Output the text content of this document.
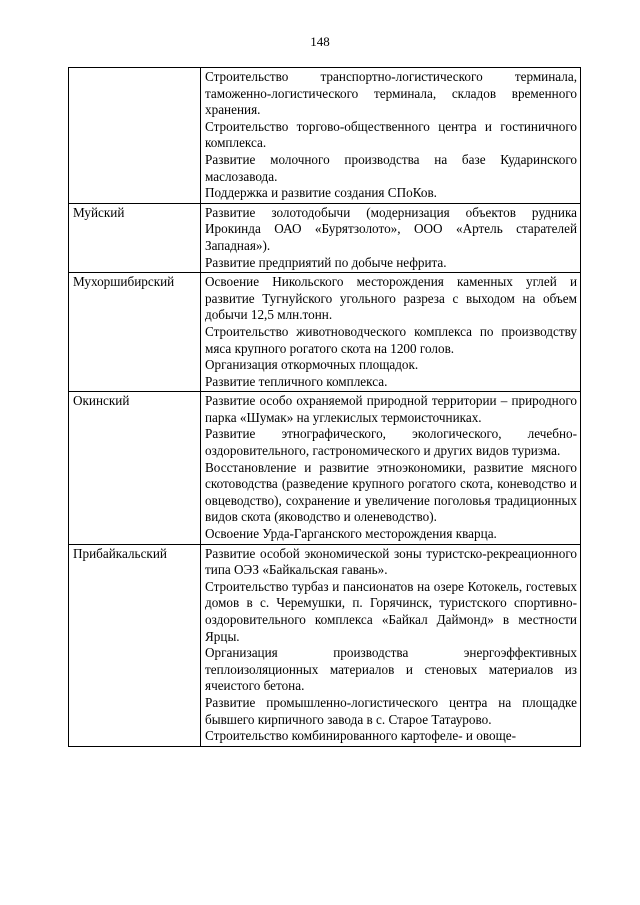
148

	Строительство транспортно-логистического терминала, таможенно-логистического терминала, складов временного хранения.
Строительство торгово-общественного центра и гостиничного комплекса.
Развитие молочного производства на базе Кударинского маслозавода.
Поддержка и развитие создания СПоКов.

Муйский	Развитие золотодобычи (модернизация объектов рудника Ирокинда ОАО «Бурятзолото», ООО «Артель старателей Западная»).
Развитие предприятий по добыче нефрита.

Мухоршибирский	Освоение Никольского месторождения каменных углей и развитие Тугнуйского угольного разреза с выходом на объем добычи 12,5 млн.тонн.
Строительство животноводческого комплекса по производству мяса крупного рогатого скота на 1200 голов.
Организация откормочных площадок.
Развитие тепличного комплекса.

Окинский	Развитие особо охраняемой природной территории – природного парка «Шумак» на углекислых термоисточниках.
Развитие этнографического, экологического, лечебно-оздоровительного, гастрономического и других видов туризма.
Восстановление и развитие этноэкономики, развитие мясного скотоводства (разведение крупного рогатого скота, коневодство и овцеводство), сохранение и увеличение поголовья традиционных видов скота (яководство и оленеводство).
Освоение Урда-Гарганского месторождения кварца.

Прибайкальский	Развитие особой экономической зоны туристско-рекреационного типа ОЭЗ «Байкальская гавань».
Строительство турбаз и пансионатов на озере Котокель, гостевых домов в с. Черемушки, п. Горячинск, туристского спортивно-оздоровительного комплекса «Байкал Даймонд» в местности Ярцы.
Организация производства энергоэффективных теплоизоляционных материалов и стеновых материалов из ячеистого бетона.
Развитие промышленно-логистического центра на площадке бывшего кирпичного завода в с. Старое Татаурово.
Строительство комбинированного картофеле- и овоще-
